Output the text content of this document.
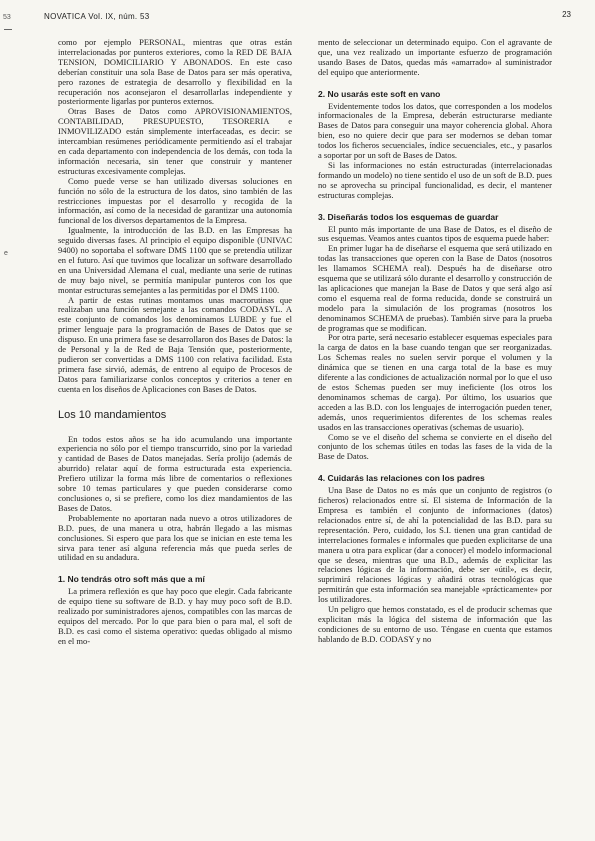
53
e
NOVATICA Vol. IX, núm. 53	23

como por ejemplo PERSONAL, mientras que otras están interrelacionadas por punteros exteriores, como la RED DE BAJA TENSION, DOMICILIARIO Y ABONADOS. En este caso deberían constituir una sola Base de Datos para ser más operativa, pero razones de estrategia de desarrollo y flexibilidad en la recuperación nos aconsejaron el desarrollarlas independiente y posteriormente ligarlas por punteros externos.

Otras Bases de Datos como APROVISIONAMIENTOS, CONTABILIDAD, PRESUPUESTO, TESORERIA e INMOVILIZADO están simplemente interfaceadas, es decir: se intercambian resúmenes periódicamente permitiendo así el trabajar en cada departamento con independencia de los demás, con toda la información necesaria, sin tener que construir y mantener estructuras excesivamente complejas.

Como puede verse se han utilizado diversas soluciones en función no sólo de la estructura de los datos, sino también de las restricciones impuestas por el desarrollo y recogida de la información, así como de la necesidad de garantizar una autonomía funcional de los diversos departamentos de la Empresa.

Igualmente, la introducción de las B.D. en las Empresas ha seguido diversas fases. Al principio el equipo disponible (UNIVAC 9400) no soportaba el software DMS 1100 que se pretendía utilizar en el futuro. Así que tuvimos que localizar un software desarrollado en una Universidad Alemana el cual, mediante una serie de rutinas de muy bajo nivel, se permitía manipular punteros con los que montar estructuras semejantes a las permitidas por el DMS 1100.

A partir de estas rutinas montamos unas macrorutinas que realizaban una función semejante a las comandos CODASYL. A este conjunto de comandos los denominamos LUBDE y fue el primer lenguaje para la programación de Bases de Datos que se dispuso. En una primera fase se desarrollaron dos Bases de Datos: la de Personal y la de Red de Baja Tensión que, posteriormente, pudieron ser convertidas a DMS 1100 con relativa facilidad. Esta primera fase sirvió, además, de entreno al equipo de Procesos de Datos para familiarizarse conlos conceptos y criterios a tener en cuenta en los diseños de Aplicaciones con Bases de Datos.

Los 10 mandamientos

En todos estos años se ha ido acumulando una importante experiencia no sólo por el tiempo transcurrido, sino por la variedad y cantidad de Bases de Datos manejadas. Sería prolijo (además de aburrido) relatar aquí de forma estructurada esta experiencia. Prefiero utilizar la forma más libre de comentarios o reflexiones sobre 10 temas particulares y que pueden considerarse como conclusiones o, si se prefiere, como los diez mandamientos de las Bases de Datos.

Probablemente no aportaran nada nuevo a otros utilizadores de B.D. pues, de una manera u otra, habrán llegado a las mismas conclusiones. Si espero que para los que se inician en este tema les sirva para tener así alguna referencia más que pueda serles de utilidad en su andadura.

1. No tendrás otro soft más que a mí

La primera reflexión es que hay poco que elegir. Cada fabricante de equipo tiene su software de B.D. y hay muy poco soft de B.D. realizado por suministradores ajenos, compatibles con las marcas de equipos del mercado. Por lo que para bien o para mal, el soft de B.D. es casi como el sistema operativo: quedas obligado al mismo en el mo-

mento de seleccionar un determinado equipo. Con el agravante de que, una vez realizado un importante esfuerzo de programación usando Bases de Datos, quedas más «amarrado» al suministrador del equipo que anteriormente.

2. No usarás este soft en vano

Evidentemente todos los datos, que corresponden a los modelos informacionales de la Empresa, deberán estructurarse mediante Bases de Datos para conseguir una mayor coherencia global. Ahora bien, eso no quiere decir que para ser modernos se deban tomar todos los ficheros secuenciales, índice secuenciales, etc., y pasarlos a soportar por un soft de Bases de Datos.

Si las informaciones no están estructuradas (interrelacionadas formando un modelo) no tiene sentido el uso de un soft de B.D. pues no se aprovecha su principal funcionalidad, es decir, el mantener estructuras complejas.

3. Diseñarás todos los esquemas de guardar

El punto más importante de una Base de Datos, es el diseño de sus esquemas. Veamos antes cuantos tipos de esquema puede haber:

En primer lugar ha de diseñarse el esquema que será utilizado en todas las transacciones que operen con la Base de Datos (nosotros les llamamos SCHEMA real). Después ha de diseñarse otro esquema que se utilizará sólo durante el desarrollo y construcción de las aplicaciones que manejan la Base de Datos y que será algo así como el esquema real de forma reducida, donde se construirá un modelo para la simulación de los programas (nosotros los denominamos SCHEMA de pruebas). También sirve para la prueba de programas que se modifican.

Por otra parte, será necesario establecer esquemas especiales para la carga de datos en la base cuando tengan que ser reorganizadas. Los Schemas reales no suelen servir porque el volumen y la dinámica que se tienen en una carga total de la base es muy diferente a las condiciones de actualización normal por lo que el uso de estos Schemas pueden ser muy ineficiente (los otros los denominamos schemas de carga). Por último, los usuarios que acceden a las B.D. con los lenguajes de interrogación pueden tener, además, unos requerimientos diferentes de los schemas reales usados en las transacciones operativas (schemas de usuario).

Como se ve el diseño del schema se convierte en el diseño del conjunto de los schemas útiles en todas las fases de la vida de la Base de Datos.

4. Cuidarás las relaciones con los padres

Una Base de Datos no es más que un conjunto de registros (o ficheros) relacionados entre sí. El sistema de Información de la Empresa es también el conjunto de informaciones (datos) relacionados entre sí, de ahí la potencialidad de las B.D. para su representación. Pero, cuidado, los S.I. tienen una gran cantidad de interrelaciones formales e informales que pueden explicitarse de una manera u otra para explicar (dar a conocer) el modelo informacional que se desea, mientras que una B.D., además de explicitar las relaciones lógicas de la información, debe ser «útil», es decir, suprimirá relaciones lógicas y añadirá otras tecnológicas que permitirán que esta información sea manejable «prácticamente» por los utilizadores.

Un peligro que hemos constatado, es el de producir schemas que explicitan más la lógica del sistema de información que las condiciones de su entorno de uso. Téngase en cuenta que estamos hablando de B.D. CODASY y no
